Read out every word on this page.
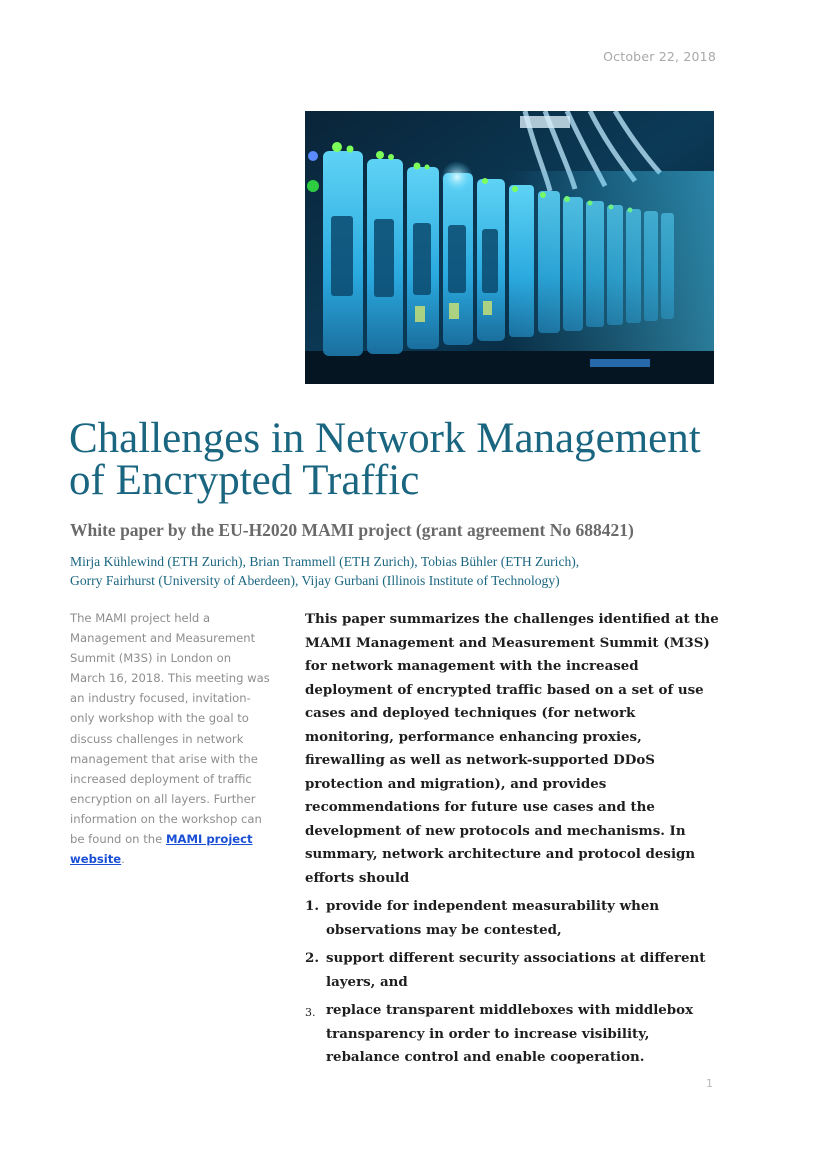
October 22, 2018
Challenges in Network Management
of Encrypted Traffic
White paper by the EU-H2020 MAMI project (grant agreement No 688421)

Mirja Kühlewind (ETH Zurich), Brian Trammell (ETH Zurich), Tobias Bühler (ETH Zurich),
Gorry Fairhurst (University of Aberdeen), Vijay Gurbani (Illinois Institute of Technology)

The MAMI project held a Management and Measurement Summit (M3S) in London on March 16, 2018. This meeting was an industry focused, invitation-only workshop with the goal to discuss challenges in network management that arise with the increased deployment of traffic encryption on all layers. Further information on the workshop can be found on the MAMI project website.

This paper summarizes the challenges identified at the MAMI Management and Measurement Summit (M3S) for network management with the increased deployment of encrypted traffic based on a set of use cases and deployed techniques (for network monitoring, performance enhancing proxies, firewalling as well as network-supported DDoS protection and migration), and provides recommendations for future use cases and the development of new protocols and mechanisms. In summary, network architecture and protocol design efforts should

1. provide for independent measurability when observations may be contested,
2. support different security associations at different layers, and
3. replace transparent middleboxes with middlebox transparency in order to increase visibility, rebalance control and enable cooperation.
1
